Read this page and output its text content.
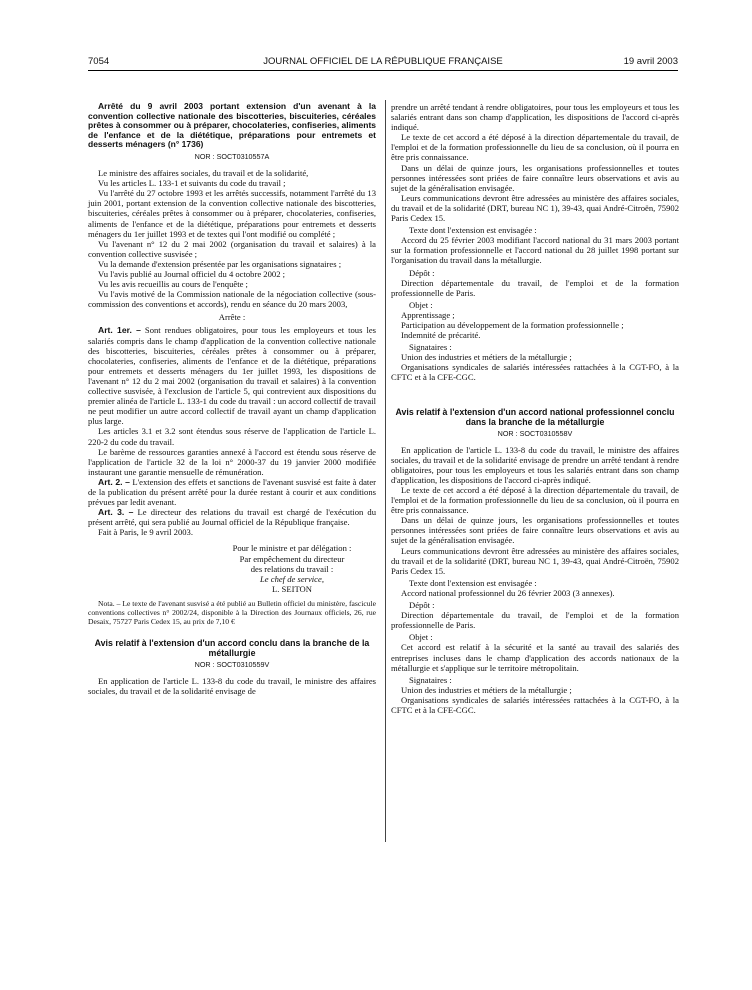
7054	JOURNAL OFFICIEL DE LA RÉPUBLIQUE FRANÇAISE	19 avril 2003
Arrêté du 9 avril 2003 portant extension d'un avenant à la convention collective nationale des biscotteries, biscuiteries, céréales prêtes à consommer ou à préparer, chocolateries, confiseries, aliments de l'enfance et de la diététique, préparations pour entremets et desserts ménagers (n° 1736)

NOR : SOCT0310557A

Le ministre des affaires sociales, du travail et de la solidarité,

Vu les articles L. 133-1 et suivants du code du travail ;

Vu l'arrêté du 27 octobre 1993 et les arrêtés successifs, notamment l'arrêté du 13 juin 2001, portant extension de la convention collective nationale des biscotteries, biscuiteries, céréales prêtes à consommer ou à préparer, chocolateries, confiseries, aliments de l'enfance et de la diététique, préparations pour entremets et desserts ménagers du 1er juillet 1993 et de textes qui l'ont modifié ou complété ;

Vu l'avenant n° 12 du 2 mai 2002 (organisation du travail et salaires) à la convention collective susvisée ;

Vu la demande d'extension présentée par les organisations signataires ;

Vu l'avis publié au Journal officiel du 4 octobre 2002 ;

Vu les avis recueillis au cours de l'enquête ;

Vu l'avis motivé de la Commission nationale de la négociation collective (sous-commission des conventions et accords), rendu en séance du 20 mars 2003,

Arrête :

Art. 1er. – Sont rendues obligatoires, pour tous les employeurs et tous les salariés compris dans le champ d'application de la convention collective nationale des biscotteries, biscuiteries, céréales prêtes à consommer ou à préparer, chocolateries, confiseries, aliments de l'enfance et de la diététique, préparations pour entremets et desserts ménagers du 1er juillet 1993, les dispositions de l'avenant n° 12 du 2 mai 2002 (organisation du travail et salaires) à la convention collective susvisée, à l'exclusion de l'article 5, qui contrevient aux dispositions du premier alinéa de l'article L. 133-1 du code du travail : un accord collectif de travail ne peut modifier un autre accord collectif de travail ayant un champ d'application plus large.

Les articles 3.1 et 3.2 sont étendus sous réserve de l'application de l'article L. 220-2 du code du travail.

Le barème de ressources garanties annexé à l'accord est étendu sous réserve de l'application de l'article 32 de la loi n° 2000-37 du 19 janvier 2000 modifiée instaurant une garantie mensuelle de rémunération.

Art. 2. – L'extension des effets et sanctions de l'avenant susvisé est faite à dater de la publication du présent arrêté pour la durée restant à courir et aux conditions prévues par ledit avenant.

Art. 3. – Le directeur des relations du travail est chargé de l'exécution du présent arrêté, qui sera publié au Journal officiel de la République française.

Fait à Paris, le 9 avril 2003.

Pour le ministre et par délégation :
Par empêchement du directeur
des relations du travail :
Le chef de service,
L. SEITON

Nota. – Le texte de l'avenant susvisé a été publié au Bulletin officiel du ministère, fascicule conventions collectives n° 2002/24, disponible à la Direction des Journaux officiels, 26, rue Desaix, 75727 Paris Cedex 15, au prix de 7,10 €

Avis relatif à l'extension d'un accord conclu dans la branche de la métallurgie

NOR : SOCT0310559V

En application de l'article L. 133-8 du code du travail, le ministre des affaires sociales, du travail et de la solidarité envisage de

prendre un arrêté tendant à rendre obligatoires, pour tous les employeurs et tous les salariés entrant dans son champ d'application, les dispositions de l'accord ci-après indiqué.

Le texte de cet accord a été déposé à la direction départementale du travail, de l'emploi et de la formation professionnelle du lieu de sa conclusion, où il pourra en être pris connaissance.

Dans un délai de quinze jours, les organisations professionnelles et toutes personnes intéressées sont priées de faire connaître leurs observations et avis au sujet de la généralisation envisagée.

Leurs communications devront être adressées au ministère des affaires sociales, du travail et de la solidarité (DRT, bureau NC 1), 39-43, quai André-Citroën, 75902 Paris Cedex 15.

Texte dont l'extension est envisagée :

Accord du 25 février 2003 modifiant l'accord national du 31 mars 2003 portant sur la formation professionnelle et l'accord national du 28 juillet 1998 portant sur l'organisation du travail dans la métallurgie.

Dépôt :

Direction départementale du travail, de l'emploi et de la formation professionnelle de Paris.

Objet :

Apprentissage ;

Participation au développement de la formation professionnelle ;

Indemnité de précarité.

Signataires :

Union des industries et métiers de la métallurgie ;

Organisations syndicales de salariés intéressées rattachées à la CGT-FO, à la CFTC et à la CFE-CGC.

Avis relatif à l'extension d'un accord national professionnel conclu dans la branche de la métallurgie

NOR : SOCT0310558V

En application de l'article L. 133-8 du code du travail, le ministre des affaires sociales, du travail et de la solidarité envisage de prendre un arrêté tendant à rendre obligatoires, pour tous les employeurs et tous les salariés entrant dans son champ d'application, les dispositions de l'accord ci-après indiqué.

Le texte de cet accord a été déposé à la direction départementale du travail, de l'emploi et de la formation professionnelle du lieu de sa conclusion, où il pourra en être pris connaissance.

Dans un délai de quinze jours, les organisations professionnelles et toutes personnes intéressées sont priées de faire connaître leurs observations et avis au sujet de la généralisation envisagée.

Leurs communications devront être adressées au ministère des affaires sociales, du travail et de la solidarité (DRT, bureau NC 1, 39-43, quai André-Citroën, 75902 Paris Cedex 15.

Texte dont l'extension est envisagée :

Accord national professionnel du 26 février 2003 (3 annexes).

Dépôt :

Direction départementale du travail, de l'emploi et de la formation professionnelle de Paris.

Objet :

Cet accord est relatif à la sécurité et la santé au travail des salariés des entreprises incluses dans le champ d'application des accords nationaux de la métallurgie et s'applique sur le territoire métropolitain.

Signataires :

Union des industries et métiers de la métallurgie ;

Organisations syndicales de salariés intéressées rattachées à la CGT-FO, à la CFTC et à la CFE-CGC.
